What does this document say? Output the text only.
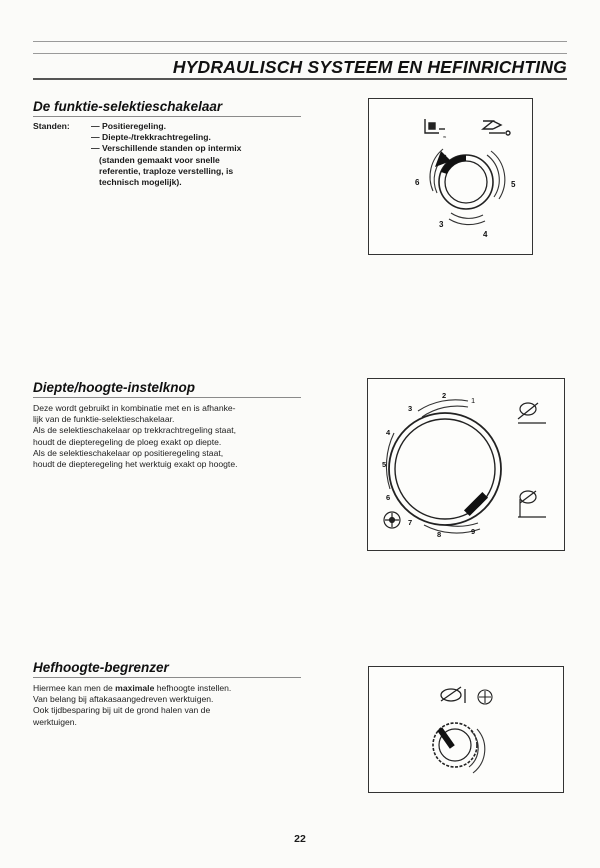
HYDRAULISCH SYSTEEM EN HEFINRICHTING
De funktie-selektieschakelaar
Standen: — Positieregeling.
— Diepte-/trekkrachtregeling.
— Verschillende standen op intermix
(standen gemaakt voor snelle
referentie, traploze verstelling, is
technisch mogelijk).
≈
6	5
4
3
Diepte/hoogte-instelknop
Deze wordt gebruikt in kombinatie met en is afhanke-
lijk van de funktie-selektieschakelaar.
Als de selektieschakelaar op trekkrachtregeling staat,
houdt de diepteregeling de ploeg exakt op diepte.
Als de selektieschakelaar op positieregeling staat,
houdt de diepteregeling het werktuig exakt op hoogte.
1
2
3
4
5
6
7
8	9
Hefhoogte-begrenzer
Hiermee kan men de maximale hefhoogte instellen.
Van belang bij aftakasaangedreven werktuigen.
Ook tijdbesparing bij uit de grond halen van de
werktuigen.
22
